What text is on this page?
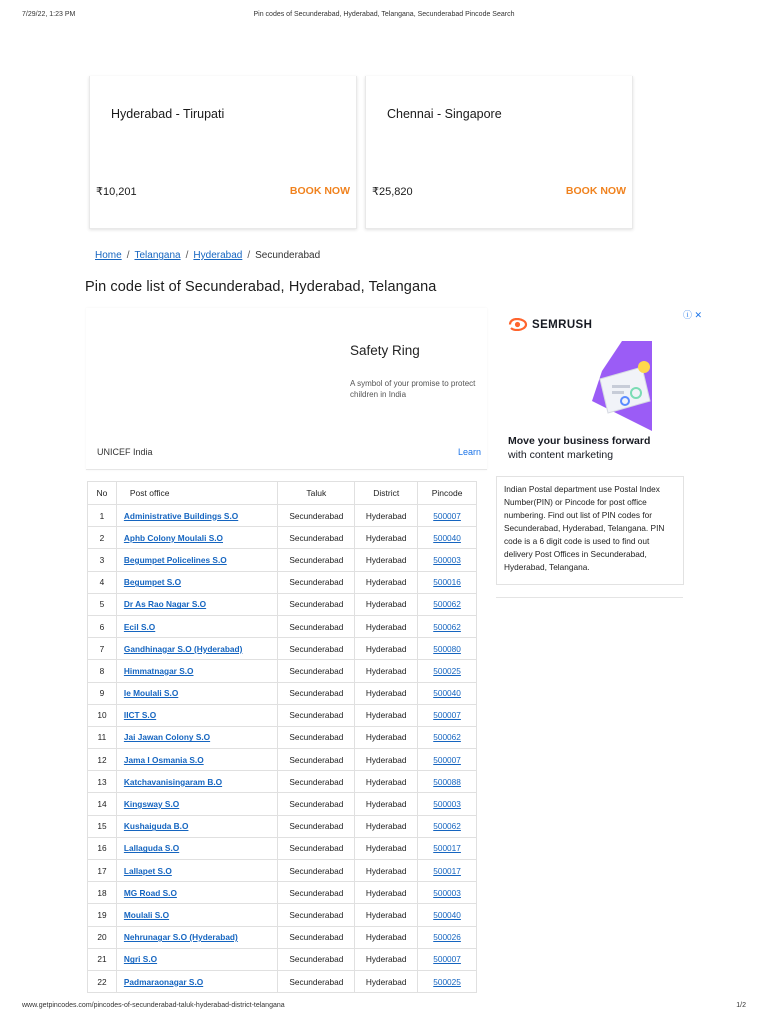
7/29/22, 1:23 PM	Pin codes of Secunderabad, Hyderabad, Telangana, Secunderabad Pincode Search
Hyderabad - Tirupati
₹10,201	BOOK NOW
Chennai - Singapore
₹25,820	BOOK NOW
Home / Telangana / Hyderabad / Secunderabad
Pin code list of Secunderabad, Hyderabad, Telangana
Safety Ring
A symbol of your promise to protect children in India
UNICEF India	Learn
ⓘ ✕
SEMRUSH
Move your business forward
with content marketing
Indian Postal department use Postal Index Number(PIN) or Pincode for post office numbering. Find out list of PIN codes for Secunderabad, Hyderabad, Telangana. PIN code is a 6 digit code is used to find out delivery Post Offices in Secunderabad, Hyderabad, Telangana.
No	Post office	Taluk	District	Pincode
1	Administrative Buildings S.O	Secunderabad	Hyderabad	500007
2	Aphb Colony Moulali S.O	Secunderabad	Hyderabad	500040
3	Begumpet Policelines S.O	Secunderabad	Hyderabad	500003
4	Begumpet S.O	Secunderabad	Hyderabad	500016
5	Dr As Rao Nagar S.O	Secunderabad	Hyderabad	500062
6	Ecil S.O	Secunderabad	Hyderabad	500062
7	Gandhinagar S.O (Hyderabad)	Secunderabad	Hyderabad	500080
8	Himmatnagar S.O	Secunderabad	Hyderabad	500025
9	Ie Moulali S.O	Secunderabad	Hyderabad	500040
10	IICT S.O	Secunderabad	Hyderabad	500007
11	Jai Jawan Colony S.O	Secunderabad	Hyderabad	500062
12	Jama I Osmania S.O	Secunderabad	Hyderabad	500007
13	Katchavanisingaram B.O	Secunderabad	Hyderabad	500088
14	Kingsway S.O	Secunderabad	Hyderabad	500003
15	Kushaiguda B.O	Secunderabad	Hyderabad	500062
16	Lallaguda S.O	Secunderabad	Hyderabad	500017
17	Lallapet S.O	Secunderabad	Hyderabad	500017
18	MG Road S.O	Secunderabad	Hyderabad	500003
19	Moulali S.O	Secunderabad	Hyderabad	500040
20	Nehrunagar S.O (Hyderabad)	Secunderabad	Hyderabad	500026
21	Ngri S.O	Secunderabad	Hyderabad	500007
22	Padmaraonagar S.O	Secunderabad	Hyderabad	500025
www.getpincodes.com/pincodes-of-secunderabad-taluk-hyderabad-district-telangana	1/2
